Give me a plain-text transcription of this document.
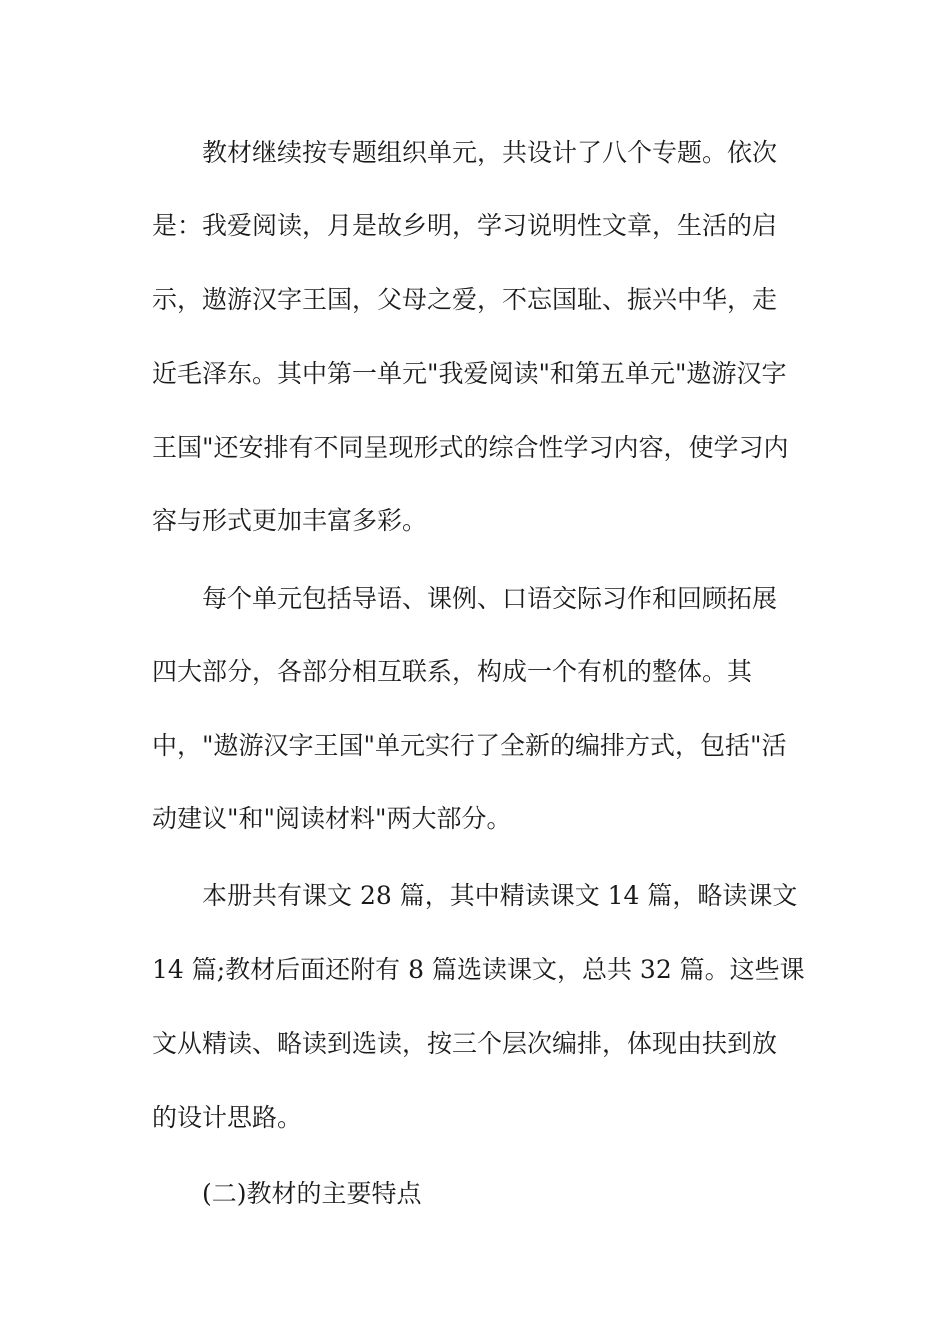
教材继续按专题组织单元，共设计了八个专题。依次
是：我爱阅读，月是故乡明，学习说明性文章，生活的启
示，遨游汉字王国，父母之爱，不忘国耻、振兴中华，走
近毛泽东。其中第一单元"我爱阅读"和第五单元"遨游汉字
王国"还安排有不同呈现形式的综合性学习内容，使学习内
容与形式更加丰富多彩。
每个单元包括导语、课例、口语交际习作和回顾拓展
四大部分，各部分相互联系，构成一个有机的整体。其
中，"遨游汉字王国"单元实行了全新的编排方式，包括"活
动建议"和"阅读材料"两大部分。
本册共有课文 28 篇，其中精读课文 14 篇，略读课文
14 篇;教材后面还附有 8 篇选读课文，总共 32 篇。这些课
文从精读、略读到选读，按三个层次编排，体现由扶到放
的设计思路。
(二)教材的主要特点
